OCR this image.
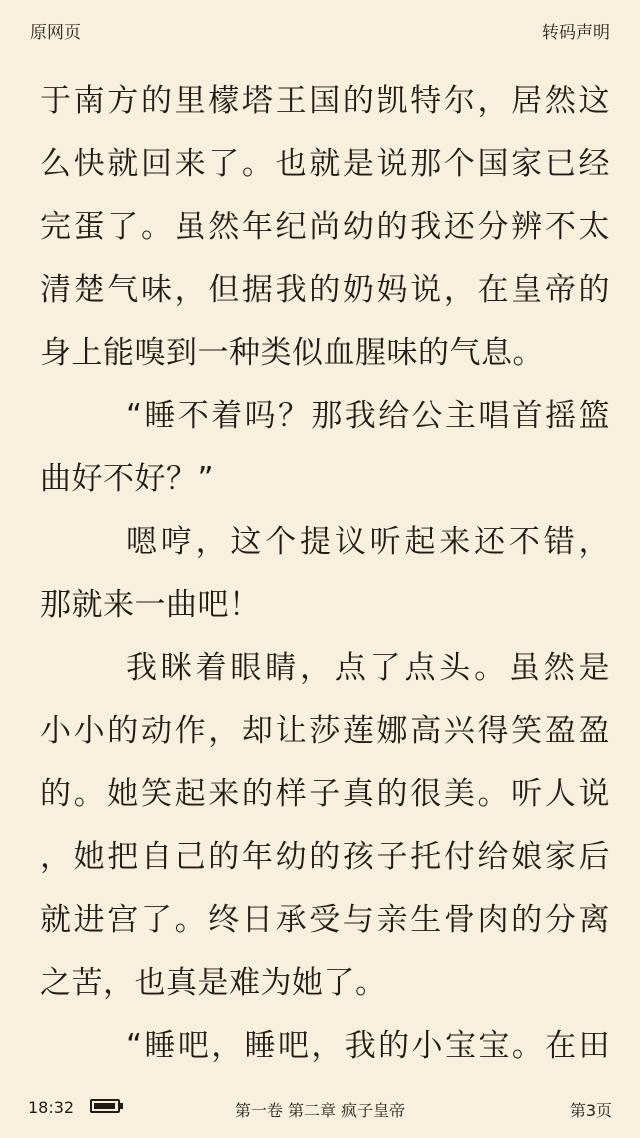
原网页	转码声明
于南方的里檬塔王国的凯特尔，居然这
么快就回来了。也就是说那个国家已经
完蛋了。虽然年纪尚幼的我还分辨不太
清楚气味，但据我的奶妈说，在皇帝的
身上能嗅到一种类似血腥味的气息。
“睡不着吗？那我给公主唱首摇篮
曲好不好？”
嗯哼，这个提议听起来还不错，
那就来一曲吧！
我眯着眼睛，点了点头。虽然是
小小的动作，却让莎莲娜高兴得笑盈盈
的。她笑起来的样子真的很美。听人说
，她把自己的年幼的孩子托付给娘家后
就进宫了。终日承受与亲生骨肉的分离
之苦，也真是难为她了。
“睡吧，睡吧，我的小宝宝。在田
18:32	第一卷 第二章 疯子皇帝	第3页
